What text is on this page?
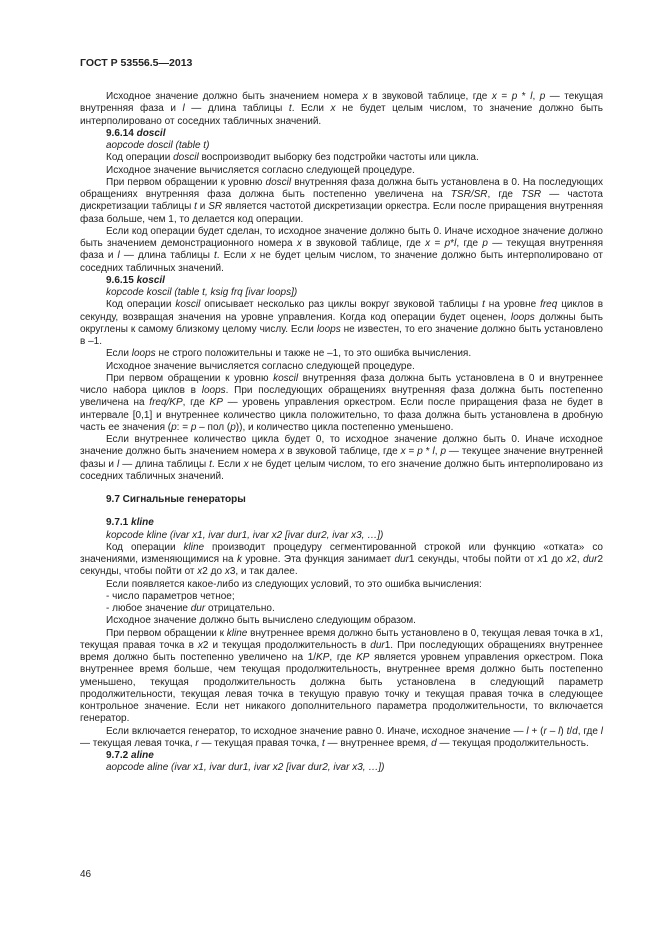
ГОСТ Р 53556.5—2013

Исходное значение должно быть значением номера x в звуковой таблице, где x = p * l, p — текущая внутренняя фаза и l — длина таблицы t. Если x не будет целым числом, то значение должно быть интерполировано от соседних табличных значений.

9.6.14 doscil

aopcode doscil (table t)

Код операции doscil воспроизводит выборку без подстройки частоты или цикла.

Исходное значение вычисляется согласно следующей процедуре.

При первом обращении к уровню doscil внутренняя фаза должна быть установлена в 0. На последующих обращениях внутренняя фаза должна быть постепенно увеличена на TSR/SR, где TSR — частота дискретизации таблицы t и SR является частотой дискретизации оркестра. Если после приращения внутренняя фаза больше, чем 1, то делается код операции.

Если код операции будет сделан, то исходное значение должно быть 0. Иначе исходное значение должно быть значением демонстрационного номера x в звуковой таблице, где x = p*l, где p — текущая внутренняя фаза и l — длина таблицы t. Если x не будет целым числом, то значение должно быть интерполировано от соседних табличных значений.

9.6.15 koscil

kopcode koscil (table t, ksig frq [ivar loops])

Код операции koscil описывает несколько раз циклы вокруг звуковой таблицы t на уровне freq циклов в секунду, возвращая значения на уровне управления. Когда код операции будет оценен, loops должны быть округлены к самому близкому целому числу. Если loops не известен, то его значение должно быть установлено в –1.

Если loops не строго положительны и также не –1, то это ошибка вычисления.

Исходное значение вычисляется согласно следующей процедуре.

При первом обращении к уровню koscil внутренняя фаза должна быть установлена в 0 и внутреннее число набора циклов в loops. При последующих обращениях внутренняя фаза должна быть постепенно увеличена на freq/KP, где KP — уровень управления оркестром. Если после приращения фаза не будет в интервале [0,1] и внутреннее количество цикла положительно, то фаза должна быть установлена в дробную часть ее значения (p: = p – пол (p)), и количество цикла постепенно уменьшено.

Если внутреннее количество цикла будет 0, то исходное значение должно быть 0. Иначе исходное значение должно быть значением номера x в звуковой таблице, где x = p * l, p — текущее значение внутренней фазы и l — длина таблицы t. Если x не будет целым числом, то его значение должно быть интерполировано из соседних табличных значений.

9.7 Сигнальные генераторы

9.7.1 kline

kopcode kline (ivar x1, ivar dur1, ivar x2 [ivar dur2, ivar x3, …])

Код операции kline производит процедуру сегментированной строкой или функцию «отката» со значениями, изменяющимися на k уровне. Эта функция занимает dur1 секунды, чтобы пойти от x1 до x2, dur2 секунды, чтобы пойти от x2 до x3, и так далее.

Если появляется какое-либо из следующих условий, то это ошибка вычисления:

- число параметров четное;

- любое значение dur отрицательно.

Исходное значение должно быть вычислено следующим образом.

При первом обращении к kline внутреннее время должно быть установлено в 0, текущая левая точка в x1, текущая правая точка в x2 и текущая продолжительность в dur1. При последующих обращениях внутреннее время должно быть постепенно увеличено на 1/KP, где KP является уровнем управления оркестром. Пока внутреннее время больше, чем текущая продолжительность, внутреннее время должно быть постепенно уменьшено, текущая продолжительность должна быть установлена в следующий параметр продолжительности, текущая левая точка в текущую правую точку и текущая правая точка в следующее контрольное значение. Если нет никакого дополнительного параметра продолжительности, то включается генератор.

Если включается генератор, то исходное значение равно 0. Иначе, исходное значение — l + (r – l) t/d, где l — текущая левая точка, r — текущая правая точка, t — внутреннее время, d — текущая продолжительность.

9.7.2 aline

aopcode aline (ivar x1, ivar dur1, ivar x2 [ivar dur2, ivar x3, …])

46
